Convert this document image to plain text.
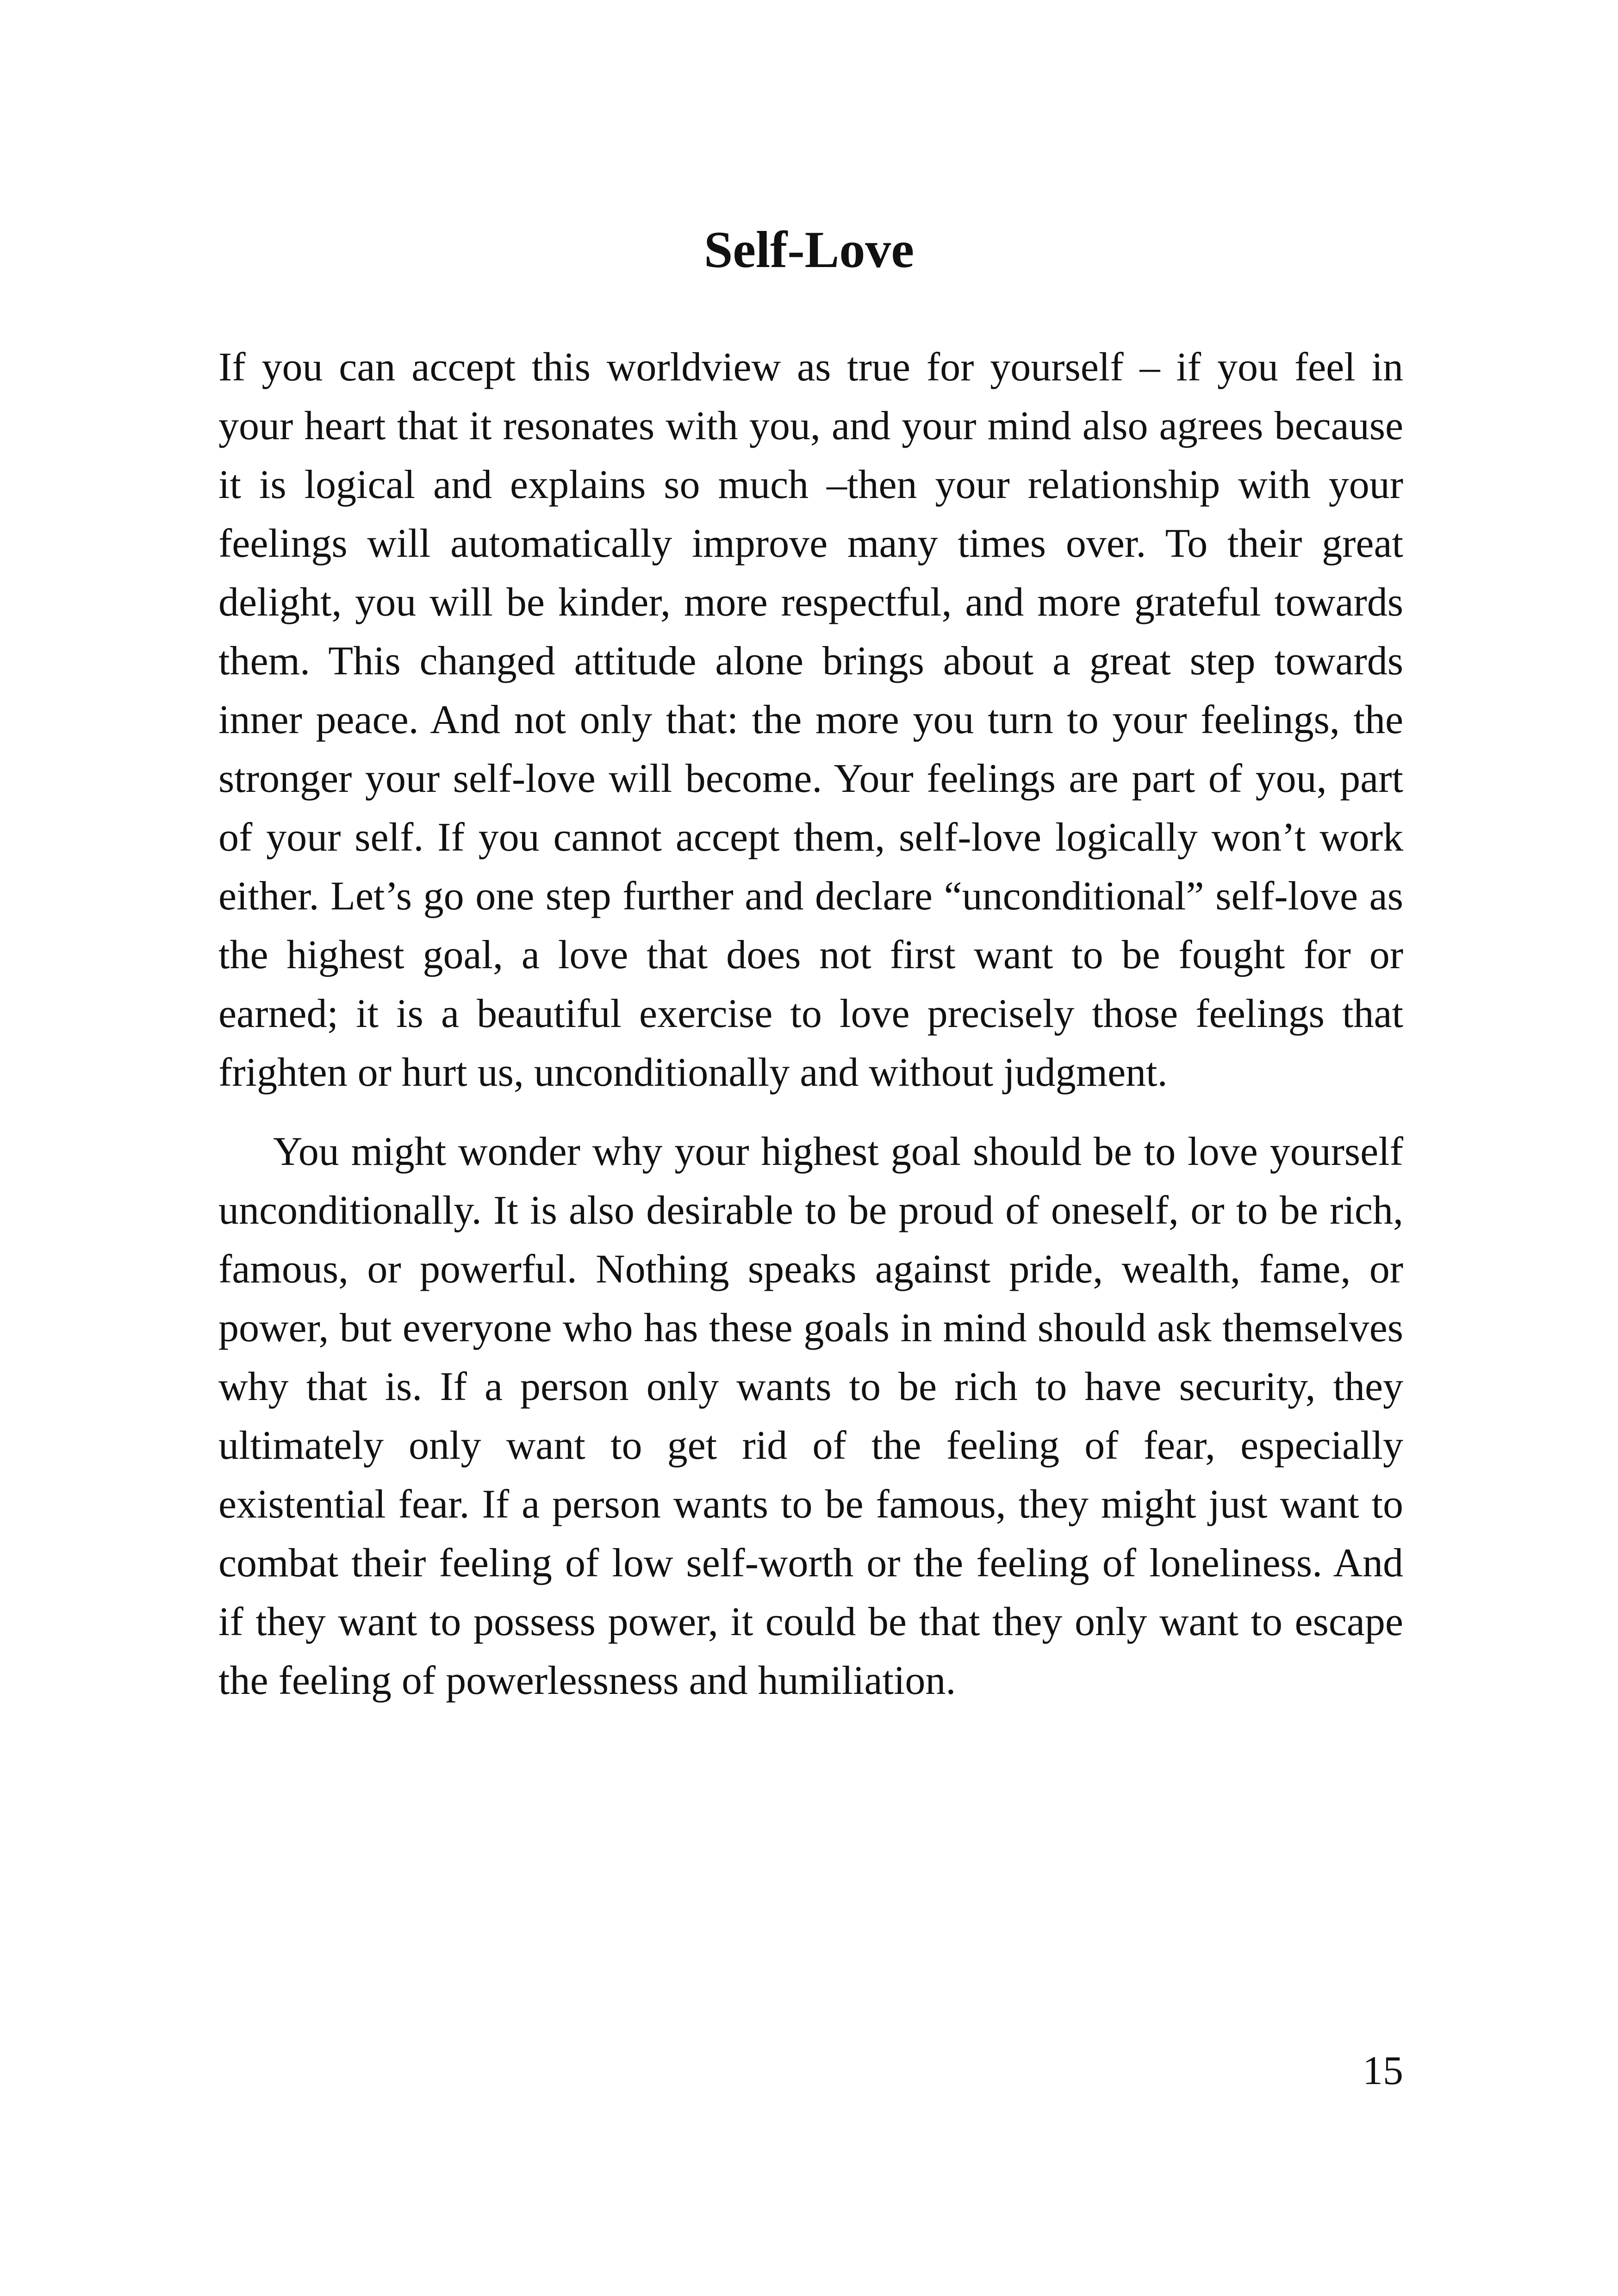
Self-Love

If you can accept this worldview as true for yourself – if you feel in your heart that it resonates with you, and your mind also agrees because it is logical and explains so much –then your relationship with your feelings will automatically improve many times over. To their great delight, you will be kinder, more respectful, and more grateful towards them. This changed attitude alone brings about a great step towards inner peace. And not only that: the more you turn to your feelings, the stronger your self-love will become. Your feelings are part of you, part of your self. If you cannot accept them, self-love logically won’t work either. Let’s go one step further and declare “unconditional” self-love as the highest goal, a love that does not first want to be fought for or earned; it is a beautiful exercise to love precisely those feelings that frighten or hurt us, unconditionally and without judgment.

You might wonder why your highest goal should be to love yourself unconditionally. It is also desirable to be proud of oneself, or to be rich, famous, or powerful. Nothing speaks against pride, wealth, fame, or power, but everyone who has these goals in mind should ask themselves why that is. If a person only wants to be rich to have security, they ultimately only want to get rid of the feeling of fear, especially existential fear. If a person wants to be famous, they might just want to combat their feeling of low self-worth or the feeling of loneliness. And if they want to possess power, it could be that they only want to escape the feeling of powerlessness and humiliation.

15
